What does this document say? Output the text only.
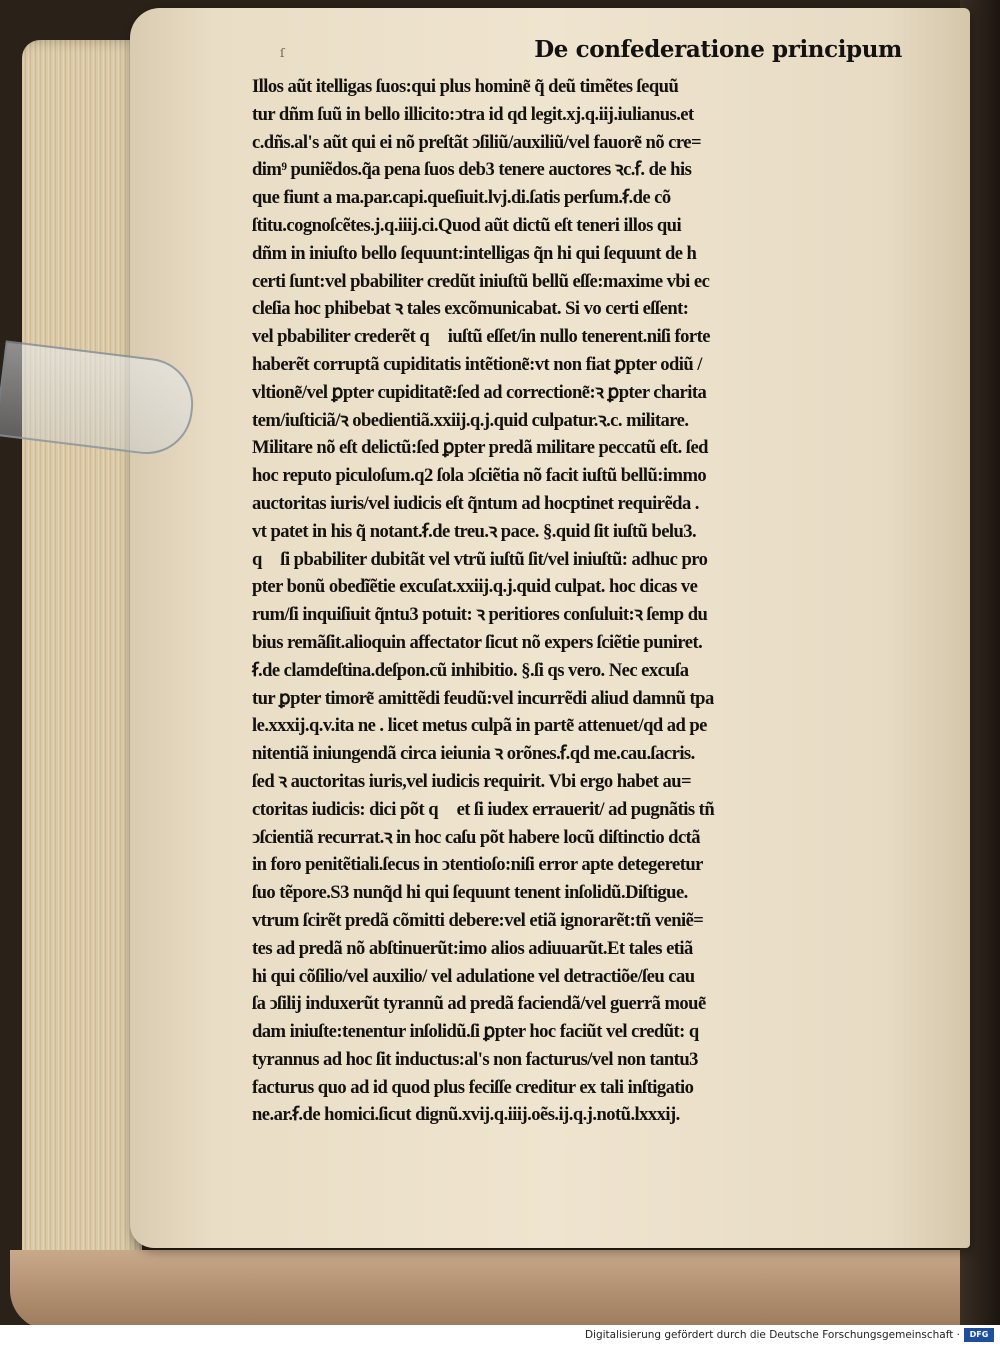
ſ	De confederatione principum
Illos aũt itelligas ſuos:qui plus homine͂ q̃ deũ timẽtes ſequũ
tur dñm ſuũ in bello illicito:ↄtra id qd legit.xj.q.iij.iulianus.et
c.dñs.al's aũt qui ei nõ preſtãt ↄſiliũ/auxiliũ/vel fauore͂ nõ cre=
dim⁹ puniẽdos.q̃a pena ſuos deb3 tenere auctores ꝛc.ẜ. de his
que fiunt a ma.par.capi.queſiuit.lvj.di.ſatis perſum.ẜ.de cõ
ſtitu.cognoſcẽtes.j.q.iiij.ci.Quod aũt dictũ eſt teneri illos qui
dñm in iniuſto bello ſequunt:intelligas q̃n hi qui ſequunt de h
certi ſunt:vel pbabiliter credũt iniuſtũ bellũ eſſe:maxime vbi ec
cleſia hoc phibebat ꝛ tales excõmunicabat. Si vo certi eſſent:
vel pbabiliter crederẽt q᷑ iuſtũ eſſet/in nullo tenerent.niſi forte
haberẽt corruptã cupiditatis intẽtione͂:vt non fiat ꝑpter odiũ /
vltione͂/vel ꝑpter cupiditate͂:ſed ad correctione͂:ꝛ ꝑpter charita
tem/iuſticiã/ꝛ obedientiã.xxiij.q.j.quid culpatur.ꝛ.c. militare.
Militare nõ eſt delictũ:ſed ꝑpter predã militare peccatũ eſt. ſed
hoc reputo piculoſum.q2 ſola ↄſciẽtia nõ facit iuſtũ bellũ:immo
auctoritas iuris/vel iudicis eſt q̃ntum ad hocptinet requirẽda .
vt patet in his q̃ notant.ẜ.de treu.ꝛ pace. §.quid ſit iuſtũ belu3.
q᷑ ſi pbabiliter dubitãt vel vtrũ iuſtũ ſit/vel iniuſtũ: adhuc pro
pter bonũ obedĩẽtie excuſat.xxiij.q.j.quid culpat. hoc dicas ve
rum/ſi inquiſiuit q̃ntu3 potuit: ꝛ peritiores conſuluit:ꝛ ſemp du
bius remãſit.alioquin affectator ſicut nõ expers ſciẽtie puniret.
ẜ.de clamdeſtina.deſpon.cũ inhibitio. §.ſi qs vero. Nec excuſa
tur ꝑpter timore͂ amittẽdi feudũ:vel incurrẽdi aliud damnũ tpa
le.xxxij.q.v.ita ne . licet metus culpã in parte͂ attenuet/qd ad pe
nitentiã iniungendã circa ieiunia ꝛ orõnes.ẜ.qd me.cau.ſacris.
ſed ꝛ auctoritas iuris,vel iudicis requirit. Vbi ergo habet au=
ctoritas iudicis: dici põt q᷑ et ſi iudex errauerit/ ad pugnãtis tñ
ↄſcientiã recurrat.ꝛ in hoc caſu põt habere locũ diſtinctio dctã
in foro penitẽtiali.ſecus in ↄtentioſo:niſi error apte detegeretur
ſuo tẽpore.S3 nunq̃d hi qui ſequunt tenent inſolidũ.Diſtigue.
vtrum ſcirẽt predã cõmitti debere:vel etiã ignorarẽt:tñ veniẽ=
tes ad predã nõ abſtinuerũt:imo alios adiuuarũt.Et tales etiã
hi qui cõſilio/vel auxilio/ vel adulatione vel detractiõe/ſeu cau
ſa ↄſilij induxerũt tyrannũ ad predã faciendã/vel guerrã moue͂
dam iniuſte:tenentur inſolidũ.ſi ꝑpter hoc faciũt vel credũt: q᷑
tyrannus ad hoc ſit inductus:al's non facturus/vel non tantu3
facturus quo ad id quod plus feciſſe creditur ex tali inſtigatio
ne.ar.ẜ.de homici.ſicut dignũ.xvij.q.iiij.oẽs.ij.q.j.notũ.lxxxij.
Digitalisierung gefördert durch die Deutsche Forschungsgemeinschaft ·	DFG
